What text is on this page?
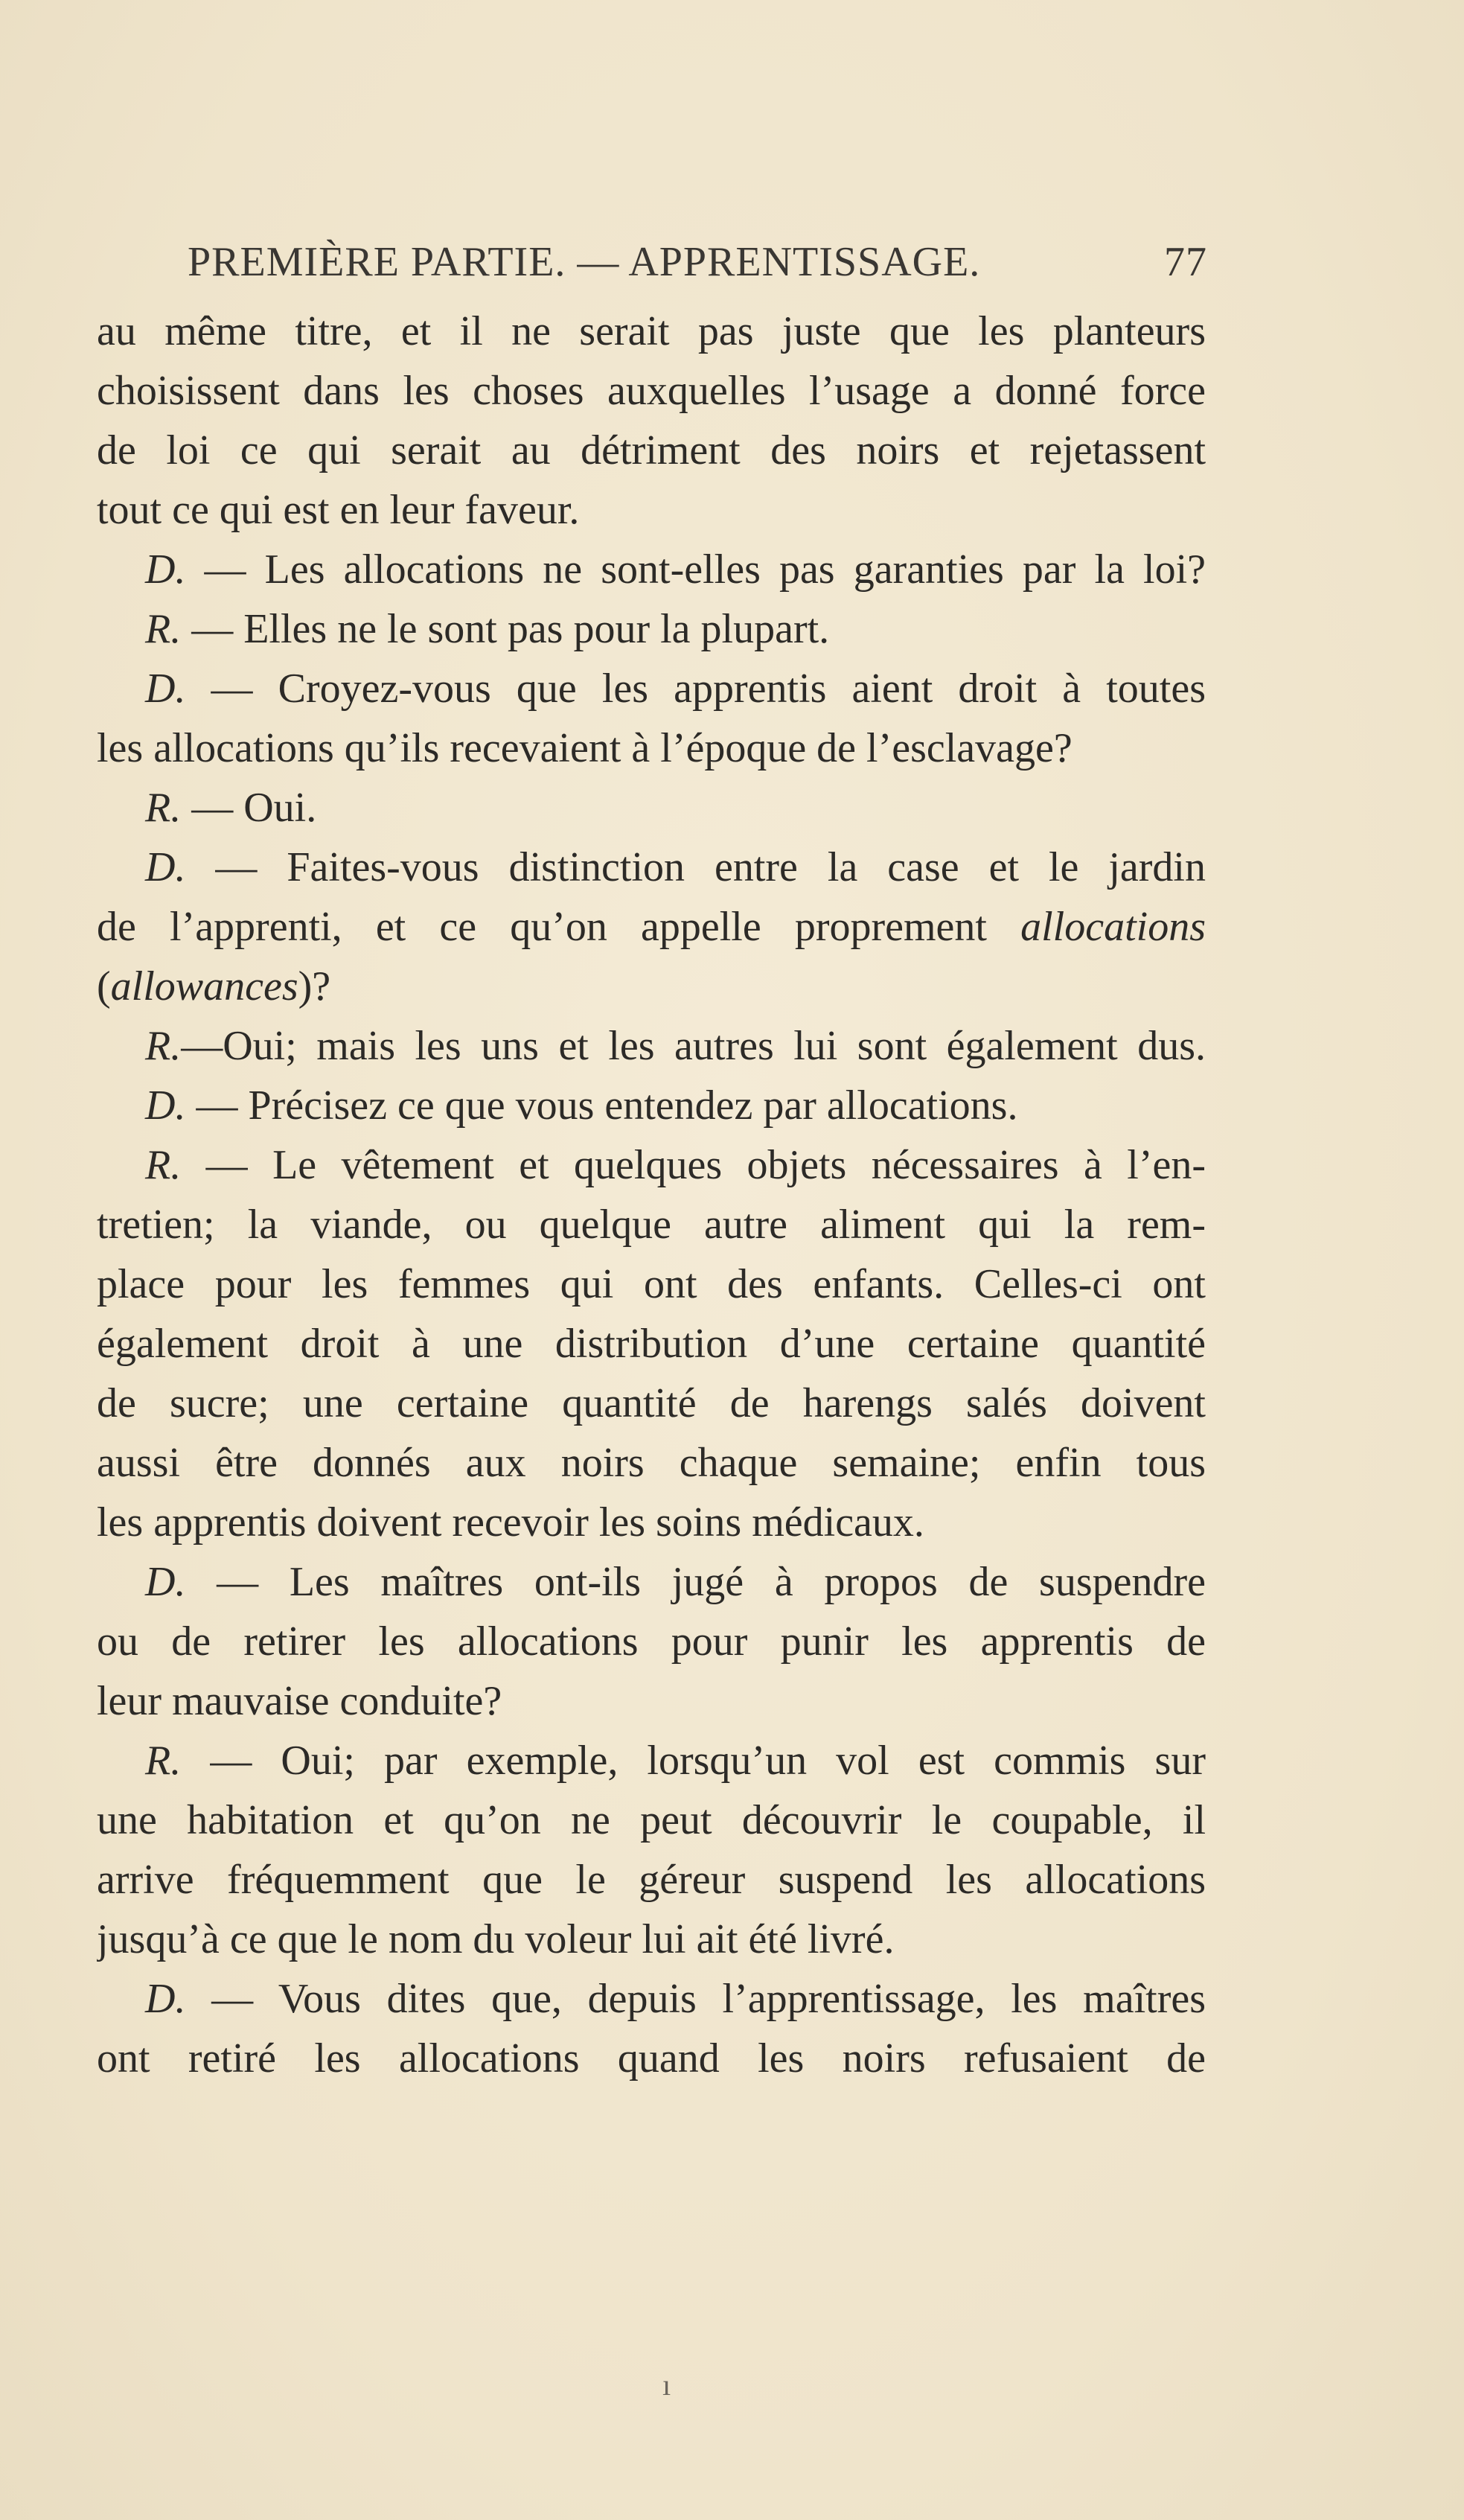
PREMIÈRE PARTIE. — APPRENTISSAGE.	77
au même titre, et il ne serait pas juste que les planteurs
choisissent dans les choses auxquelles l’usage a donné force
de loi ce qui serait au détriment des noirs et rejetassent
tout ce qui est en leur faveur.
D. — Les allocations ne sont-elles pas garanties par la loi?
R. — Elles ne le sont pas pour la plupart.
D. — Croyez-vous que les apprentis aient droit à toutes
les allocations qu’ils recevaient à l’époque de l’esclavage?
R. — Oui.
D. — Faites-vous distinction entre la case et le jardin
de l’apprenti, et ce qu’on appelle proprement allocations
(allowances)?
R.—Oui; mais les uns et les autres lui sont également dus.
D. — Précisez ce que vous entendez par allocations.
R. — Le vêtement et quelques objets nécessaires à l’en-
tretien; la viande, ou quelque autre aliment qui la rem-
place pour les femmes qui ont des enfants. Celles-ci ont
également droit à une distribution d’une certaine quantité
de sucre; une certaine quantité de harengs salés doivent
aussi être donnés aux noirs chaque semaine; enfin tous
les apprentis doivent recevoir les soins médicaux.
D. — Les maîtres ont-ils jugé à propos de suspendre
ou de retirer les allocations pour punir les apprentis de
leur mauvaise conduite?
R. — Oui; par exemple, lorsqu’un vol est commis sur
une habitation et qu’on ne peut découvrir le coupable, il
arrive fréquemment que le géreur suspend les allocations
jusqu’à ce que le nom du voleur lui ait été livré.
D. — Vous dites que, depuis l’apprentissage, les maîtres
ont retiré les allocations quand les noirs refusaient de
ı
